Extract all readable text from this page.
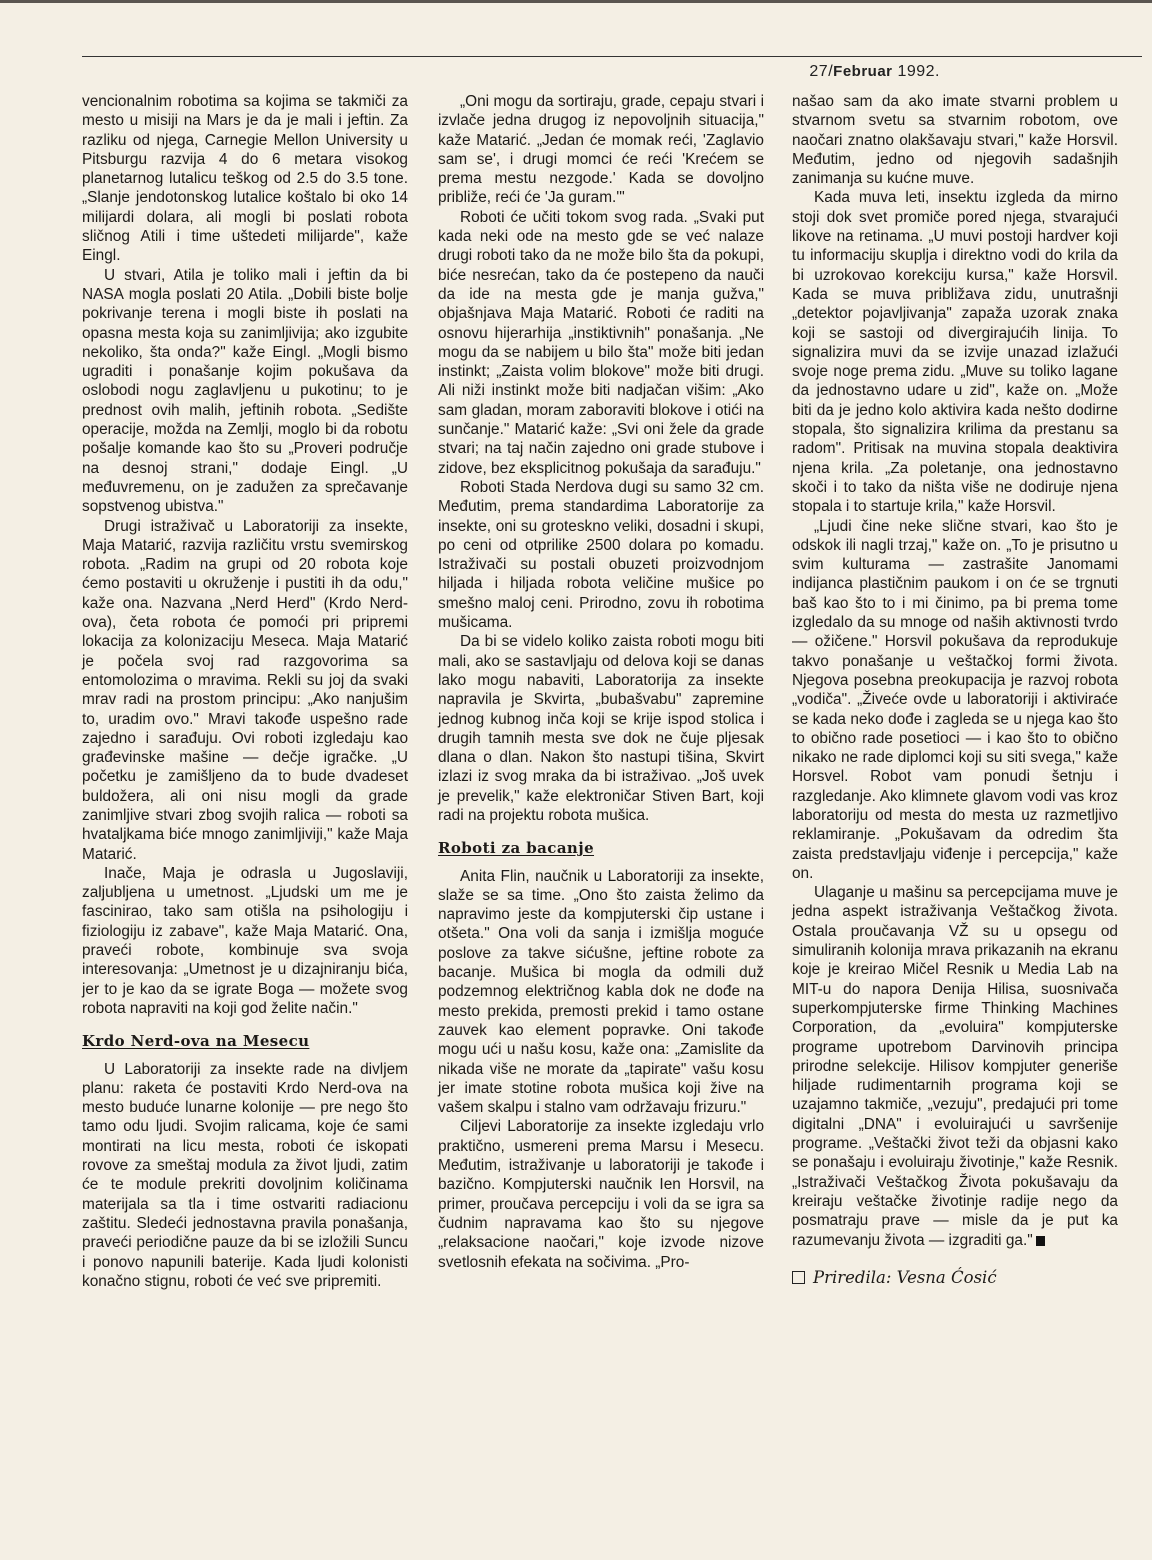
27/Februar 1992.

vencionalnim robotima sa kojima se takmiči za mesto u misiji na Mars je da je mali i jeftin. Za razliku od njega, Carnegie Mellon University u Pitsburgu razvija 4 do 6 metara visokog planetarnog lutalicu teškog od 2.5 do 3.5 tone. „Slanje jendotonskog lutalice koštalo bi oko 14 milijardi dolara, ali mogli bi poslati robota sličnog Atili i time uštedeti milijarde", kaže Eingl.

U stvari, Atila je toliko mali i jeftin da bi NASA mogla poslati 20 Atila. „Dobili biste bolje pokrivanje terena i mogli biste ih poslati na opasna mesta koja su zanimljivija; ako izgubite nekoliko, šta onda?" kaže Eingl. „Mogli bismo ugraditi i ponašanje kojim pokušava da oslobodi nogu zaglavljenu u pukotinu; to je prednost ovih malih, jeftinih robota. „Sedište operacije, možda na Zemlji, moglo bi da robotu pošalje komande kao što su „Proveri područje na desnoj strani," dodaje Eingl. „U međuvremenu, on je zadužen za sprečavanje sopstvenog ubistva."

Drugi istraživač u Laboratoriji za insekte, Maja Matarić, razvija različitu vrstu svemirskog robota. „Radim na grupi od 20 robota koje ćemo postaviti u okruženje i pustiti ih da odu," kaže ona. Nazvana „Nerd Herd" (Krdo Nerd-ova), četa robota će pomoći pri pripremi lokacija za kolonizaciju Meseca. Maja Matarić je počela svoj rad razgovorima sa entomolozima o mravima. Rekli su joj da svaki mrav radi na prostom principu: „Ako nanjušim to, uradim ovo." Mravi takođe uspešno rade zajedno i sarađuju. Ovi roboti izgledaju kao građevinske mašine — dečje igračke. „U početku je zamišljeno da to bude dvadeset buldožera, ali oni nisu mogli da grade zanimljive stvari zbog svojih ralica — roboti sa hvataljkama biće mnogo zanimljiviji," kaže Maja Matarić.

Inače, Maja je odrasla u Jugoslaviji, zaljubljena u umetnost. „Ljudski um me je fascinirao, tako sam otišla na psihologiju i fiziologiju iz zabave", kaže Maja Matarić. Ona, praveći robote, kombinuje sva svoja interesovanja: „Umetnost je u dizajniranju bića, jer to je kao da se igrate Boga — možete svog robota napraviti na koji god želite način."

Krdo Nerd-ova na Mesecu

U Laboratoriji za insekte rade na divljem planu: raketa će postaviti Krdo Nerd-ova na mesto buduće lunarne kolonije — pre nego što tamo odu ljudi. Svojim ralicama, koje će sami montirati na licu mesta, roboti će iskopati rovove za smeštaj modula za život ljudi, zatim će te module prekriti dovoljnim količinama materijala sa tla i time ostvariti radiacionu zaštitu. Sledeći jednostavna pravila ponašanja, praveći periodične pauze da bi se izložili Suncu i ponovo napunili baterije. Kada ljudi kolonisti konačno stignu, roboti će već sve pripremiti.

„Oni mogu da sortiraju, grade, cepaju stvari i izvlače jedna drugog iz nepovoljnih situacija," kaže Matarić. „Jedan će momak reći, 'Zaglavio sam se', i drugi momci će reći 'Krećem se prema mestu nezgode.' Kada se dovoljno približe, reći će 'Ja guram.'"

Roboti će učiti tokom svog rada. „Svaki put kada neki ode na mesto gde se već nalaze drugi roboti tako da ne može bilo šta da pokupi, biće nesrećan, tako da će postepeno da nauči da ide na mesta gde je manja gužva," objašnjava Maja Matarić. Roboti će raditi na osnovu hijerarhija „instiktivnih" ponašanja. „Ne mogu da se nabijem u bilo šta" može biti jedan instinkt; „Zaista volim blokove" može biti drugi. Ali niži instinkt može biti nadjačan višim: „Ako sam gladan, moram zaboraviti blokove i otići na sunčanje." Matarić kaže: „Svi oni žele da grade stvari; na taj način zajedno oni grade stubove i zidove, bez eksplicitnog pokušaja da sarađuju."

Roboti Stada Nerdova dugi su samo 32 cm. Međutim, prema standardima Laboratorije za insekte, oni su groteskno veliki, dosadni i skupi, po ceni od otprilike 2500 dolara po komadu. Istraživači su postali obuzeti proizvodnjom hiljada i hiljada robota veličine mušice po smešno maloj ceni. Prirodno, zovu ih robotima mušicama.

Da bi se videlo koliko zaista roboti mogu biti mali, ako se sastavljaju od delova koji se danas lako mogu nabaviti, Laboratorija za insekte napravila je Skvirta, „bubašvabu" zapremine jednog kubnog inča koji se krije ispod stolica i drugih tamnih mesta sve dok ne čuje pljesak dlana o dlan. Nakon što nastupi tišina, Skvirt izlazi iz svog mraka da bi istraživao. „Još uvek je prevelik," kaže elektroničar Stiven Bart, koji radi na projektu robota mušica.

Roboti za bacanje

Anita Flin, naučnik u Laboratoriji za insekte, slaže se sa time. „Ono što zaista želimo da napravimo jeste da kompjuterski čip ustane i otšeta." Ona voli da sanja i izmišlja moguće poslove za takve sićušne, jeftine robote za bacanje. Mušica bi mogla da odmili duž podzemnog električnog kabla dok ne dođe na mesto prekida, premosti prekid i tamo ostane zauvek kao element popravke. Oni takođe mogu ući u našu kosu, kaže ona: „Zamislite da nikada više ne morate da „tapirate" vašu kosu jer imate stotine robota mušica koji žive na vašem skalpu i stalno vam održavaju frizuru."

Ciljevi Laboratorije za insekte izgledaju vrlo praktično, usmereni prema Marsu i Mesecu. Međutim, istraživanje u laboratoriji je takođe i bazično. Kompjuterski naučnik Ien Horsvil, na primer, proučava percepciju i voli da se igra sa čudnim napravama kao što su njegove „relaksacione naočari," koje izvode nizove svetlosnih efekata na sočivima. „Pro-

našao sam da ako imate stvarni problem u stvarnom svetu sa stvarnim robotom, ove naočari znatno olakšavaju stvari," kaže Horsvil. Međutim, jedno od njegovih sadašnjih zanimanja su kućne muve.

Kada muva leti, insektu izgleda da mirno stoji dok svet promiče pored njega, stvarajući likove na retinama. „U muvi postoji hardver koji tu informaciju skuplja i direktno vodi do krila da bi uzrokovao korekciju kursa," kaže Horsvil. Kada se muva približava zidu, unutrašnji „detektor pojavljivanja" zapaža uzorak znaka koji se sastoji od divergirajućih linija. To signalizira muvi da se izvije unazad izlažući svoje noge prema zidu. „Muve su toliko lagane da jednostavno udare u zid", kaže on. „Može biti da je jedno kolo aktivira kada nešto dodirne stopala, što signalizira krilima da prestanu sa radom". Pritisak na muvina stopala deaktivira njena krila. „Za poletanje, ona jednostavno skoči i to tako da ništa više ne dodiruje njena stopala i to startuje krila," kaže Horsvil.

„Ljudi čine neke slične stvari, kao što je odskok ili nagli trzaj," kaže on. „To je prisutno u svim kulturama — zastrašite Janomami indijanca plastičnim paukom i on će se trgnuti baš kao što to i mi činimo, pa bi prema tome izgledalo da su mnoge od naših aktivnosti tvrdo — ožičene." Horsvil pokušava da reprodukuje takvo ponašanje u veštačkoj formi života. Njegova posebna preokupacija je razvoj robota „vodiča". „Živeće ovde u laboratoriji i aktiviraće se kada neko dođe i zagleda se u njega kao što to obično rade posetioci — i kao što to obično nikako ne rade diplomci koji su siti svega," kaže Horsvel. Robot vam ponudi šetnju i razgledanje. Ako klimnete glavom vodi vas kroz laboratoriju od mesta do mesta uz razmetljivo reklamiranje. „Pokušavam da odredim šta zaista predstavljaju viđenje i percepcija," kaže on.

Ulaganje u mašinu sa percepcijama muve je jedna aspekt istraživanja Veštačkog života. Ostala proučavanja VŽ su u opsegu od simuliranih kolonija mrava prikazanih na ekranu koje je kreirao Mičel Resnik u Media Lab na MIT-u do napora Denija Hilisa, suosnivača superkompjuterske firme Thinking Machines Corporation, da „evoluira" kompjuterske programe upotrebom Darvinovih principa prirodne selekcije. Hilisov kompjuter generiše hiljade rudimentarnih programa koji se uzajamno takmiče, „vezuju", predajući pri tome digitalni „DNA" i evoluirajući u savršenije programe. „Veštački život teži da objasni kako se ponašaju i evoluiraju životinje," kaže Resnik. „Istraživači Veštačkog Života pokušavaju da kreiraju veštačke životinje radije nego da posmatraju prave — misle da je put ka razumevanju života — izgraditi ga."

Priredila: Vesna Ćosić
